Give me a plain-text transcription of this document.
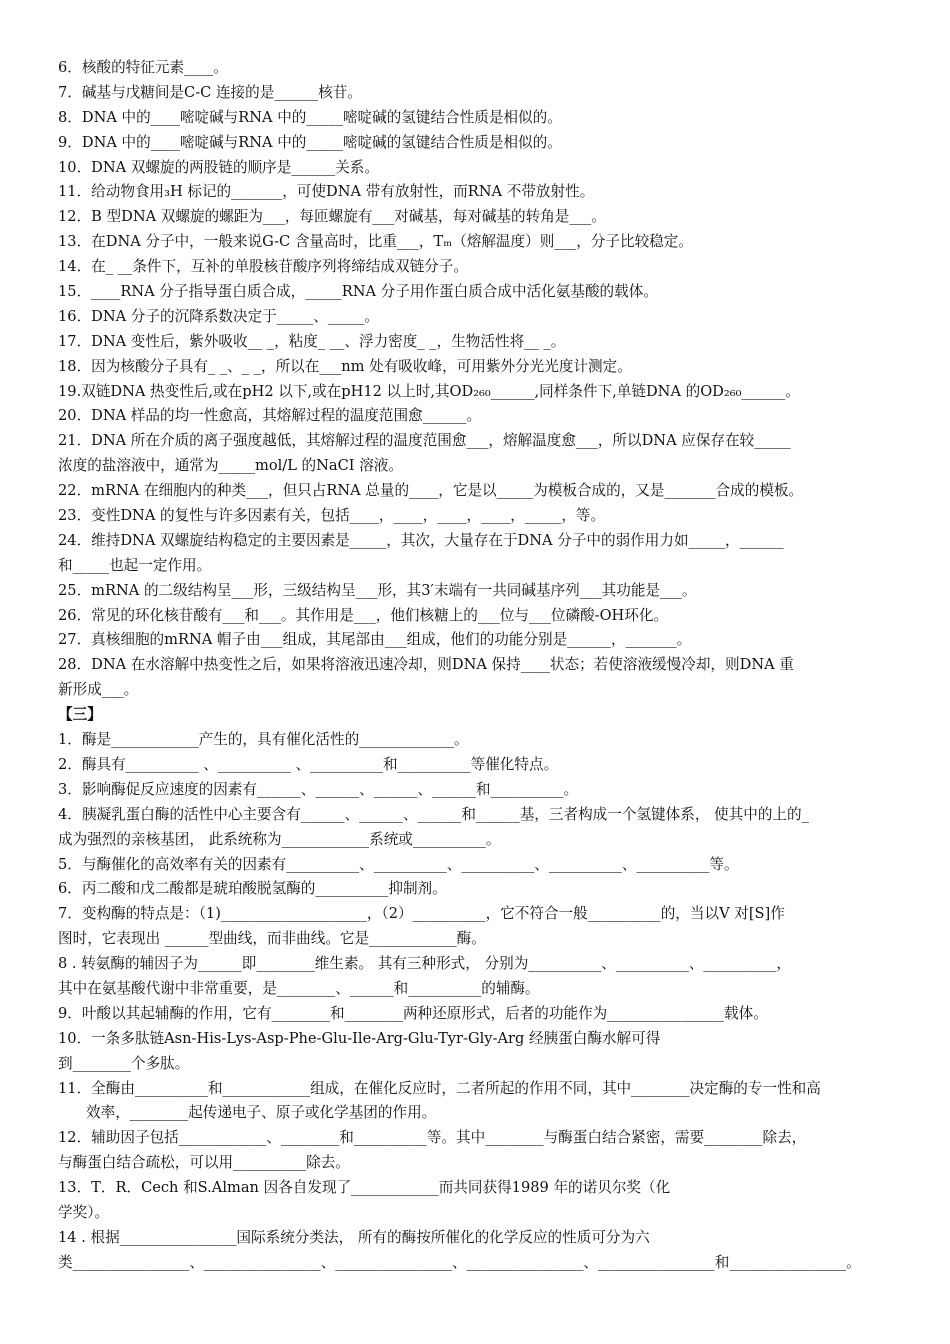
6．核酸的特征元素____。
7．碱基与戊糖间是C-C 连接的是______核苷。
8．DNA 中的____嘧啶碱与RNA 中的_____嘧啶碱的氢键结合性质是相似的。
9．DNA 中的____嘧啶碱与RNA 中的_____嘧啶碱的氢键结合性质是相似的。
10．DNA 双螺旋的两股链的顺序是______关系。
11．给动物食用₃H 标记的_______，可使DNA 带有放射性，而RNA 不带放射性。
12．B 型DNA 双螺旋的螺距为___，每匝螺旋有___对碱基，每对碱基的转角是___。
13．在DNA 分子中，一般来说G-C 含量高时，比重___，Tₘ（熔解温度）则___，分子比较稳定。
14．在_ __条件下，互补的单股核苷酸序列将缔结成双链分子。
15．____RNA 分子指导蛋白质合成，_____RNA 分子用作蛋白质合成中活化氨基酸的载体。
16．DNA 分子的沉降系数决定于_____、_____。
17．DNA 变性后，紫外吸收__ _，粘度_ __、浮力密度_ _，生物活性将__ _。
18．因为核酸分子具有_ _、_ _，所以在___nm 处有吸收峰，可用紫外分光光度计测定。
19.双链DNA 热变性后,或在pH2 以下,或在pH12 以上时,其OD₂₆₀______,同样条件下,单链DNA 的OD₂₆₀______。
20．DNA 样品的均一性愈高，其熔解过程的温度范围愈______。
21．DNA 所在介质的离子强度越低，其熔解过程的温度范围愈___，熔解温度愈___，所以DNA 应保存在较_____
浓度的盐溶液中，通常为_____mol/L 的NaCI 溶液。
22．mRNA 在细胞内的种类___，但只占RNA 总量的____，它是以_____为模板合成的，又是_______合成的模板。
23．变性DNA 的复性与许多因素有关，包括____，____，____，____，_____，等。
24．维持DNA 双螺旋结构稳定的主要因素是_____，其次，大量存在于DNA 分子中的弱作用力如_____，______
和_____也起一定作用。
25．mRNA 的二级结构呈___形，三级结构呈___形，其3′末端有一共同碱基序列___其功能是___。
26．常见的环化核苷酸有___和___。其作用是___，他们核糖上的___位与___位磷酸-OH环化。
27．真核细胞的mRNA 帽子由___组成，其尾部由___组成，他们的功能分别是______，_______。
28．DNA 在水溶解中热变性之后，如果将溶液迅速冷却，则DNA 保持____状态；若使溶液缓慢冷却，则DNA 重
新形成___。
【三】
1．酶是____________产生的，具有催化活性的_____________。
2．酶具有__________ 、__________ 、__________和__________等催化特点。
3．影响酶促反应速度的因素有______、______、______、______和__________。
4．胰凝乳蛋白酶的活性中心主要含有______、______、______和______基，三者构成一个氢键体系， 使其中的上的_
成为强烈的亲核基团， 此系统称为____________系统或__________。
5．与酶催化的高效率有关的因素有__________、__________、__________、__________、__________等。
6．丙二酸和戊二酸都是琥珀酸脱氢酶的__________抑制剂。
7．变构酶的特点是：（1)____________________，（2）__________，它不符合一般__________的，当以V 对[S]作
图时，它表现出 ______型曲线，而非曲线。它是____________酶。
8 . 转氨酶的辅因子为______即________维生素。 其有三种形式， 分别为__________、__________、__________，
其中在氨基酸代谢中非常重要，是________、______和__________的辅酶。
9．叶酸以其起辅酶的作用，它有________和________两种还原形式，后者的功能作为________________载体。
10．一条多肽链Asn-His-Lys-Asp-Phe-Glu-Ile-Arg-Glu-Tyr-Gly-Arg 经胰蛋白酶水解可得
到________个多肽。
11．全酶由__________和____________组成，在催化反应时，二者所起的作用不同，其中________决定酶的专一性和高
效率，________起传递电子、原子或化学基团的作用。
12．辅助因子包括____________、________和__________等。其中________与酶蛋白结合紧密，需要________除去，
与酶蛋白结合疏松，可以用__________除去。
13．T．R．Cech 和S.Alman 因各自发现了____________而共同获得1989 年的诺贝尔奖（化
学奖）。
14 . 根据________________国际系统分类法， 所有的酶按所催化的化学反应的性质可分为六
类________________、________________、________________、________________、________________和________________。
